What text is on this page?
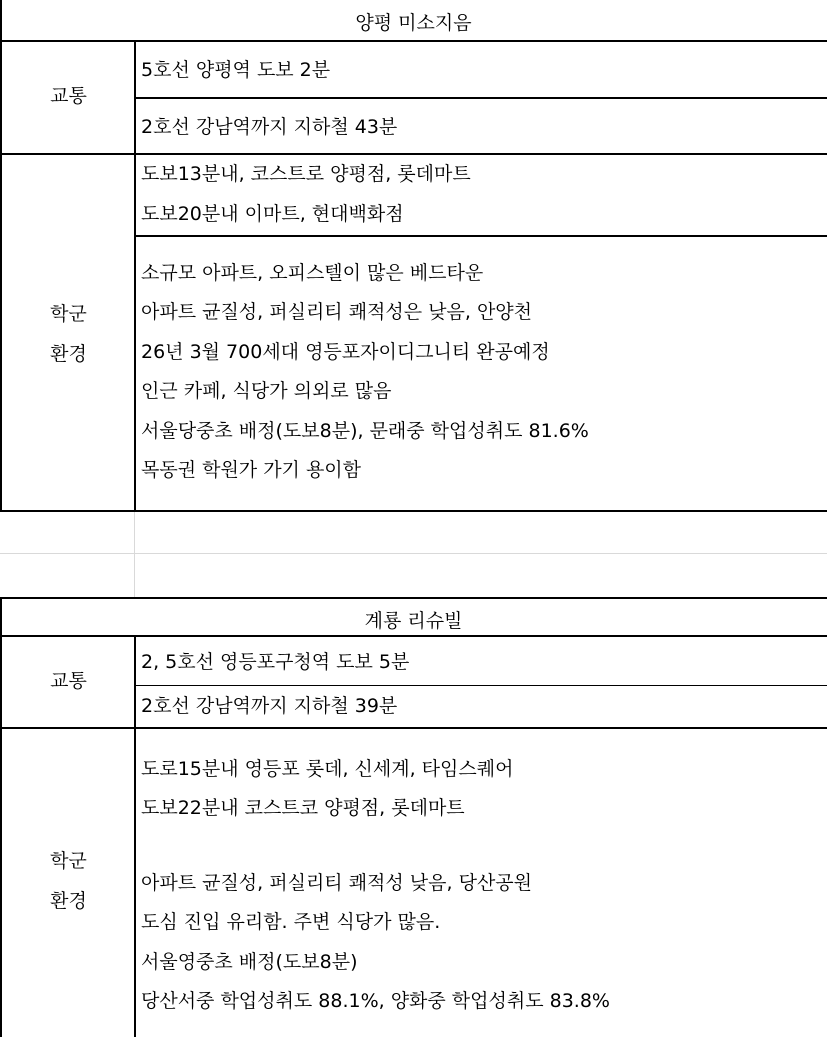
양평 미소지음
교통
5호선 양평역 도보 2분
2호선 강남역까지 지하철 43분
학군
환경
도보13분내, 코스트로 양평점, 롯데마트
도보20분내 이마트, 현대백화점
소규모 아파트, 오피스텔이 많은 베드타운
아파트 균질성, 퍼실리티 쾌적성은 낮음, 안양천
26년 3월 700세대 영등포자이디그니티 완공예정
인근 카페, 식당가 의외로 많음
서울당중초 배정(도보8분), 문래중 학업성취도 81.6%
목동권 학원가 가기 용이함
계룡 리슈빌
교통
2, 5호선 영등포구청역 도보 5분
2호선 강남역까지 지하철 39분
학군
환경
도로15분내 영등포 롯데, 신세계, 타임스퀘어
도보22분내 코스트코 양평점, 롯데마트
아파트 균질성, 퍼실리티 쾌적성 낮음, 당산공원
도심 진입 유리함. 주변 식당가 많음.
서울영중초 배정(도보8분)
당산서중 학업성취도 88.1%, 양화중 학업성취도 83.8%
